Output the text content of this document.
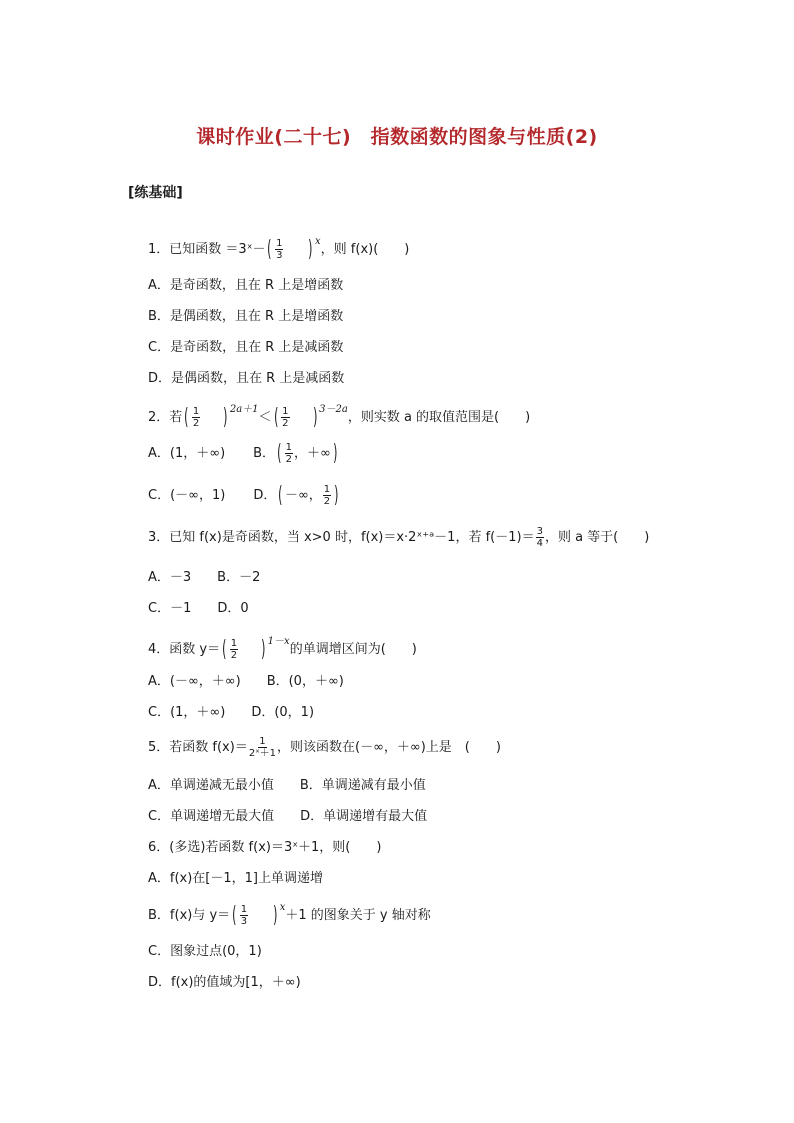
课时作业(二十七)　指数函数的图象与性质(2)
[练基础]
1．已知函数 ＝3ˣ－( $\frac{1}{3}$ ) $^x$，则 f(x)(　　)
A．是奇函数，且在 R 上是增函数
B．是偶函数，且在 R 上是增函数
C．是奇函数，且在 R 上是减函数
D．是偶函数，且在 R 上是减函数
2．若( $\frac{1}{2}$ ) $^{2a+1}<( \frac{1}{2}$ ) $^{3-2a}$，则实数 a 的取值范围是(　　)
A．(1，＋∞) B．( $\frac{1}{2}$ ，＋∞)
C．(－∞，1) D．( －∞， $\frac{1}{2}$ )
3．已知 f(x)是奇函数，当 x>0 时，f(x)＝x·2ˣ⁺ᵃ－1，若 $f(-1)= \frac{3}{4}$ ，则 a 等于(　　)
A．－3　　B．－2
C．－1　　D．0
4．函数 $y=( \frac{1}{2}$ ) $^{1-x}$的单调增区间为(　　)
A．(－∞，＋∞)　　B．(0，＋∞)
C．(1，＋∞)　　D．(0，1)
5．若函数 $f(x)= \frac{1}{\text{2ˣ＋1}}$ ，则该函数在(－∞，＋∞)上是　(　　)
A．单调递减无最小值　　B．单调递减有最小值
C．单调递增无最大值　　D．单调递增有最大值
6．(多选)若函数 f(x)＝3ˣ＋1，则(　　)
A．f(x)在[－1，1]上单调递增
B．f(x)与 $y=( \frac{1}{3}$ ) $^x$＋1 的图象关于 y 轴对称
C．图象过点(0，1)
D．f(x)的值域为[1，＋∞)
